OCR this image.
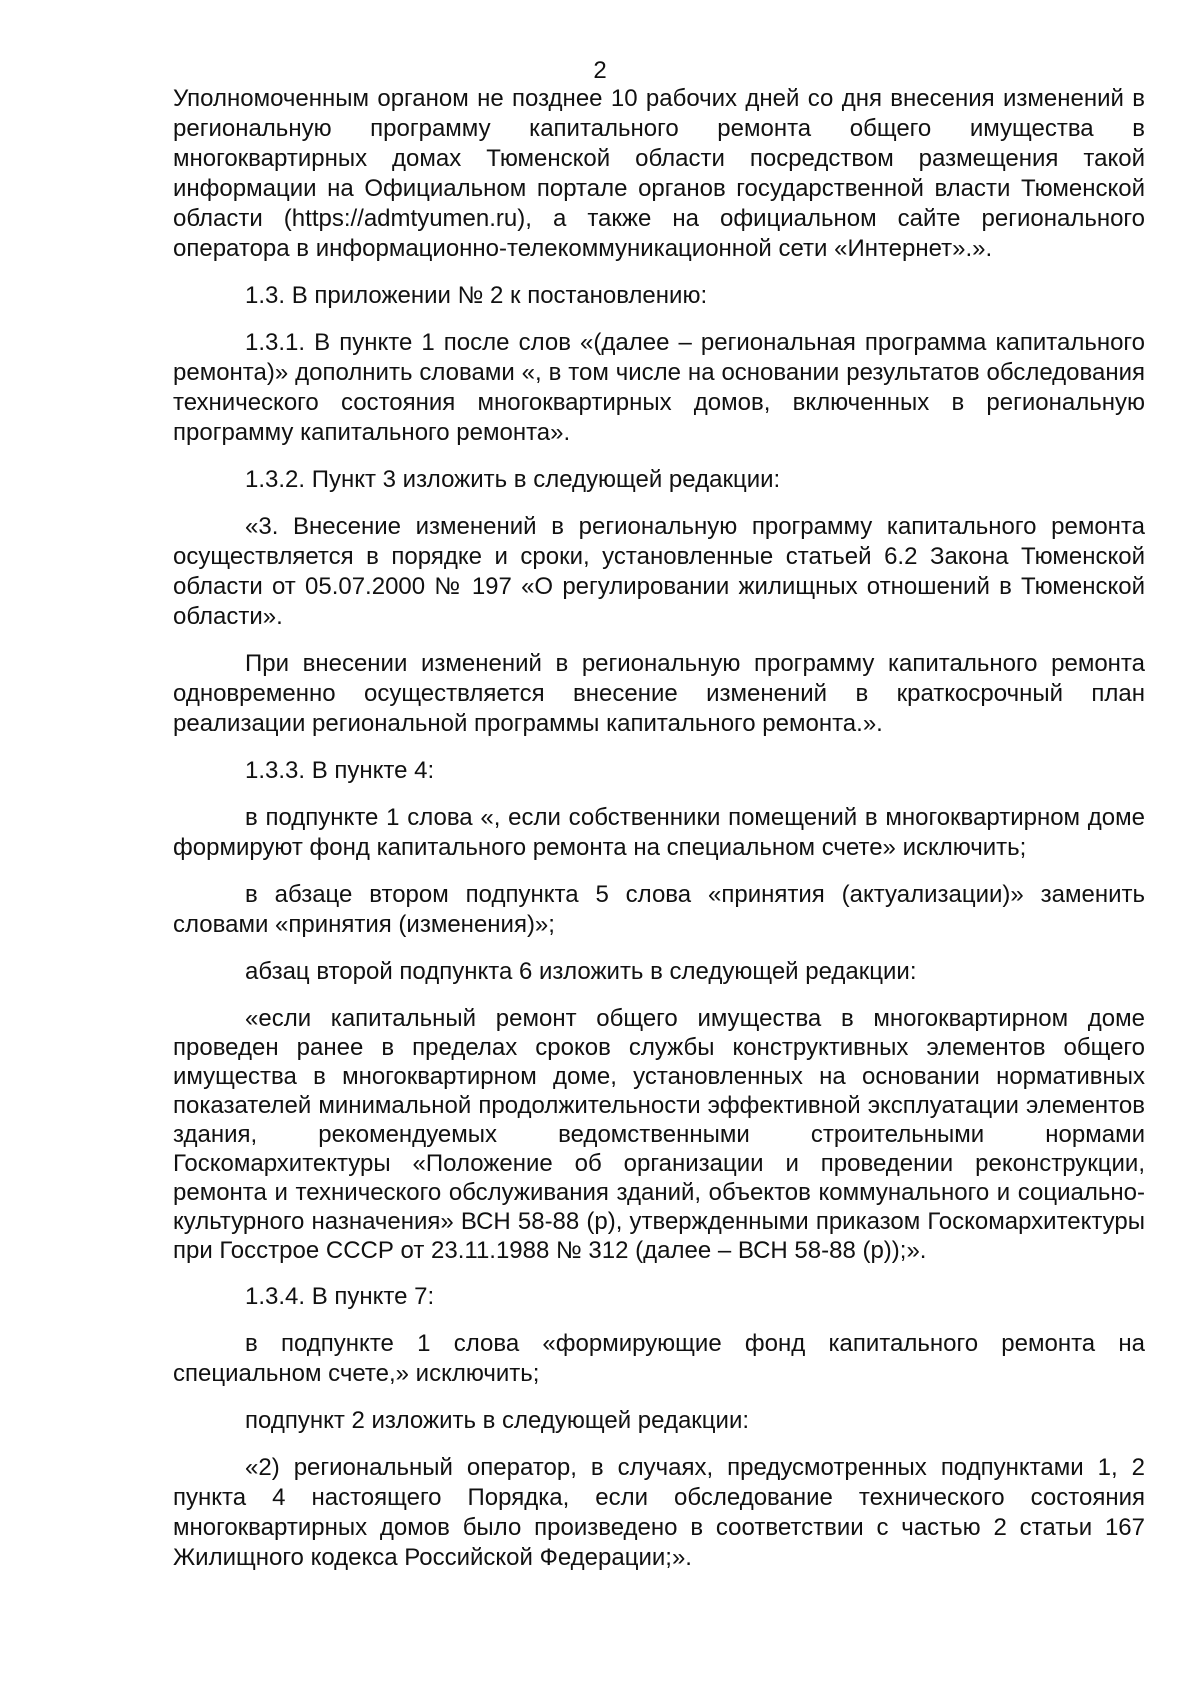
2

Уполномоченным органом не позднее 10 рабочих дней со дня внесения изменений в региональную программу капитального ремонта общего имущества в многоквартирных домах Тюменской области посредством размещения такой информации на Официальном портале органов государственной власти Тюменской области (https://admtyumen.ru), а также на официальном сайте регионального оператора в информационно-телекоммуникационной сети «Интернет».».

1.3. В приложении № 2 к постановлению:

1.3.1. В пункте 1 после слов «(далее – региональная программа капитального ремонта)» дополнить словами «, в том числе на основании результатов обследования технического состояния многоквартирных домов, включенных в региональную программу капитального ремонта».

1.3.2. Пункт 3 изложить в следующей редакции:

«3. Внесение изменений в региональную программу капитального ремонта осуществляется в порядке и сроки, установленные статьей 6.2 Закона Тюменской области от 05.07.2000 № 197 «О регулировании жилищных отношений в Тюменской области».

При внесении изменений в региональную программу капитального ремонта одновременно осуществляется внесение изменений в краткосрочный план реализации региональной программы капитального ремонта.».

1.3.3. В пункте 4:

в подпункте 1 слова «, если собственники помещений в многоквартирном доме формируют фонд капитального ремонта на специальном счете» исключить;

в абзаце втором подпункта 5 слова «принятия (актуализации)» заменить словами «принятия (изменения)»;

абзац второй подпункта 6 изложить в следующей редакции:

«если капитальный ремонт общего имущества в многоквартирном доме проведен ранее в пределах сроков службы конструктивных элементов общего имущества в многоквартирном доме, установленных на основании нормативных показателей минимальной продолжительности эффективной эксплуатации элементов здания, рекомендуемых ведомственными строительными нормами Госкомархитектуры «Положение об организации и проведении реконструкции, ремонта и технического обслуживания зданий, объектов коммунального и социально-культурного назначения» ВСН 58-88 (р), утвержденными приказом Госкомархитектуры при Госстрое СССР от 23.11.1988 № 312 (далее – ВСН 58-88 (р));».

1.3.4. В пункте 7:

в подпункте 1 слова «формирующие фонд капитального ремонта на специальном счете,» исключить;

подпункт 2 изложить в следующей редакции:

«2) региональный оператор, в случаях, предусмотренных подпунктами 1, 2 пункта 4 настоящего Порядка, если обследование технического состояния многоквартирных домов было произведено в соответствии с частью 2 статьи 167 Жилищного кодекса Российской Федерации;».
